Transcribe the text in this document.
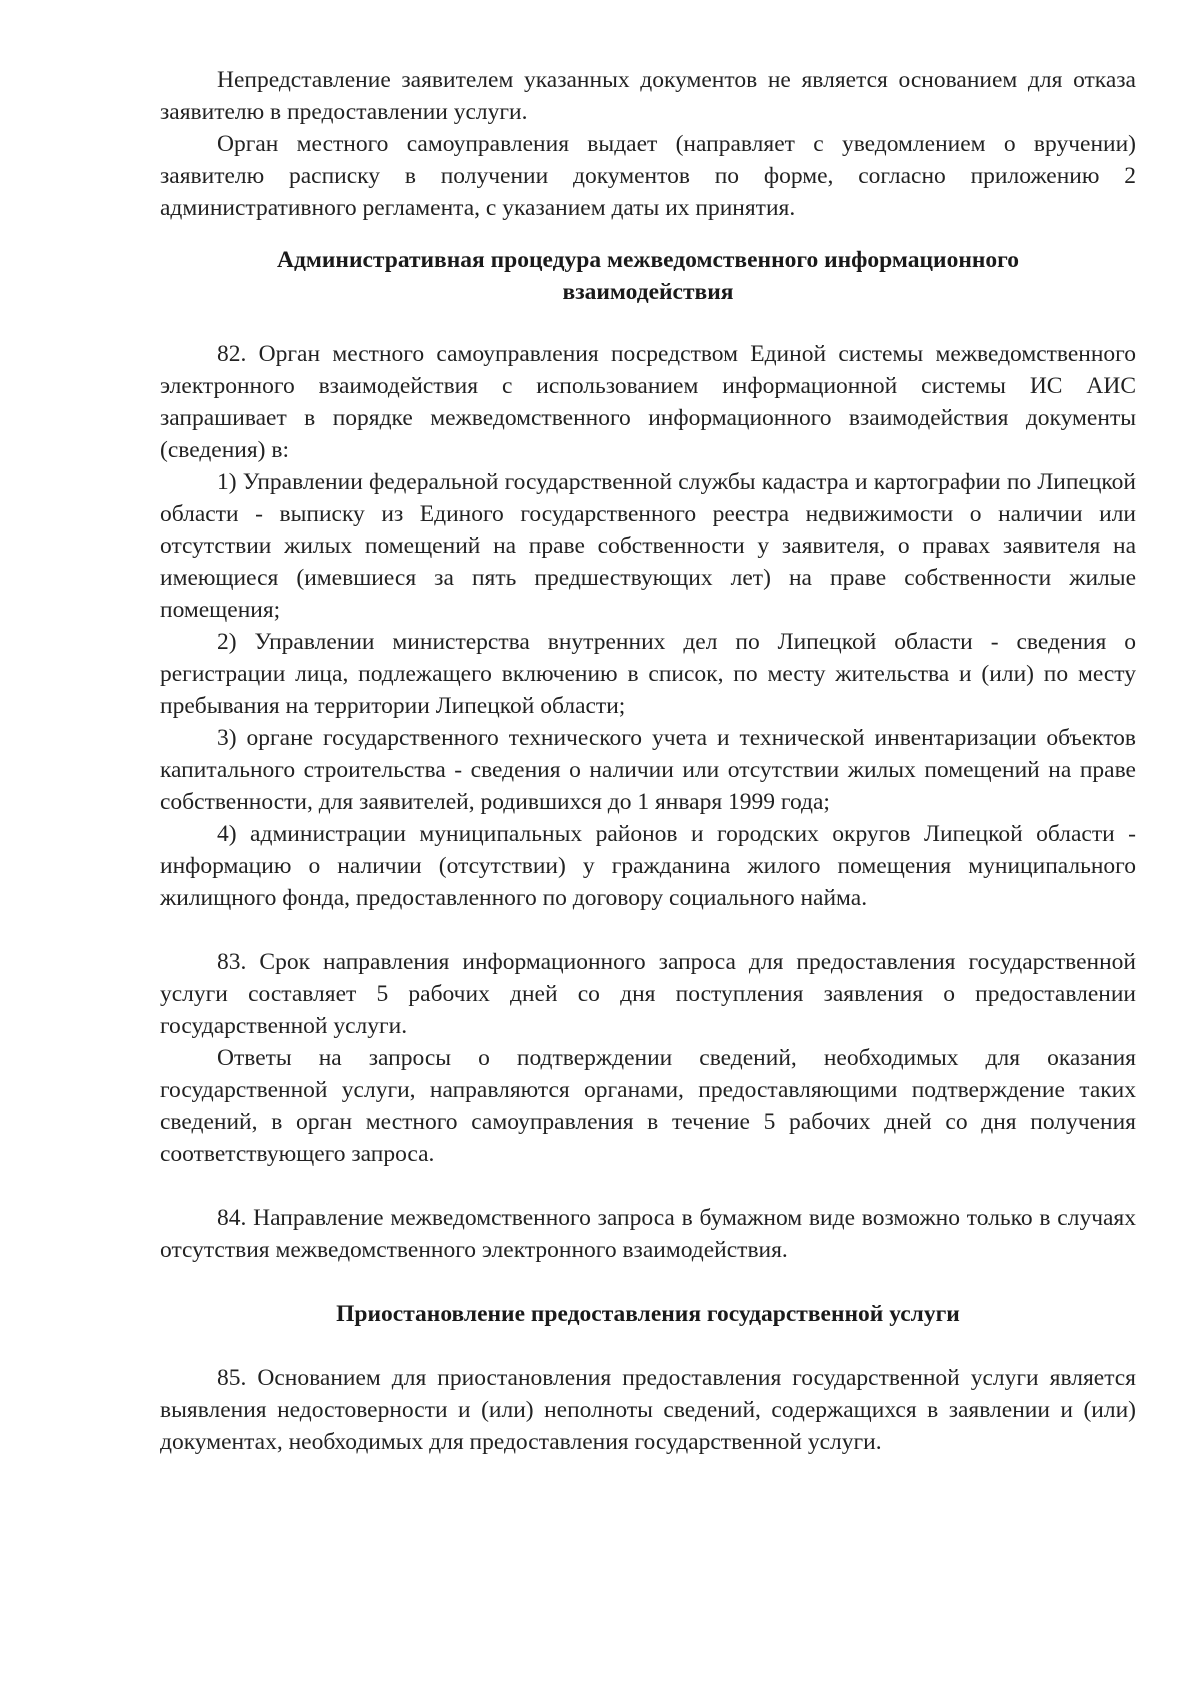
Непредставление заявителем указанных документов не является основанием для отказа заявителю в предоставлении услуги.

Орган местного самоуправления выдает (направляет с уведомлением о вручении) заявителю расписку в получении документов по форме, согласно приложению 2 административного регламента, с указанием даты их принятия.

Административная процедура межведомственного информационного
взаимодействия

82. Орган местного самоуправления посредством Единой системы межведомственного электронного взаимодействия с использованием информационной системы ИС АИС запрашивает в порядке межведомственного информационного взаимодействия документы (сведения) в:

1) Управлении федеральной государственной службы кадастра и картографии по Липецкой области - выписку из Единого государственного реестра недвижимости о наличии или отсутствии жилых помещений на праве собственности у заявителя, о правах заявителя на имеющиеся (имевшиеся за пять предшествующих лет) на праве собственности жилые помещения;

2) Управлении министерства внутренних дел по Липецкой области - сведения о регистрации лица, подлежащего включению в список, по месту жительства и (или) по месту пребывания на территории Липецкой области;

3) органе государственного технического учета и технической инвентаризации объектов капитального строительства - сведения о наличии или отсутствии жилых помещений на праве собственности, для заявителей, родившихся до 1 января 1999 года;

4) администрации муниципальных районов и городских округов Липецкой области - информацию о наличии (отсутствии) у гражданина жилого помещения муниципального жилищного фонда, предоставленного по договору социального найма.

83. Срок направления информационного запроса для предоставления государственной услуги составляет 5 рабочих дней со дня поступления заявления о предоставлении государственной услуги.

Ответы на запросы о подтверждении сведений, необходимых для оказания государственной услуги, направляются органами, предоставляющими подтверждение таких сведений, в орган местного самоуправления в течение 5 рабочих дней со дня получения соответствующего запроса.

84. Направление межведомственного запроса в бумажном виде возможно только в случаях отсутствия межведомственного электронного взаимодействия.

Приостановление предоставления государственной услуги

85. Основанием для приостановления предоставления государственной услуги является выявления недостоверности и (или) неполноты сведений, содержащихся в заявлении и (или) документах, необходимых для предоставления государственной услуги.
